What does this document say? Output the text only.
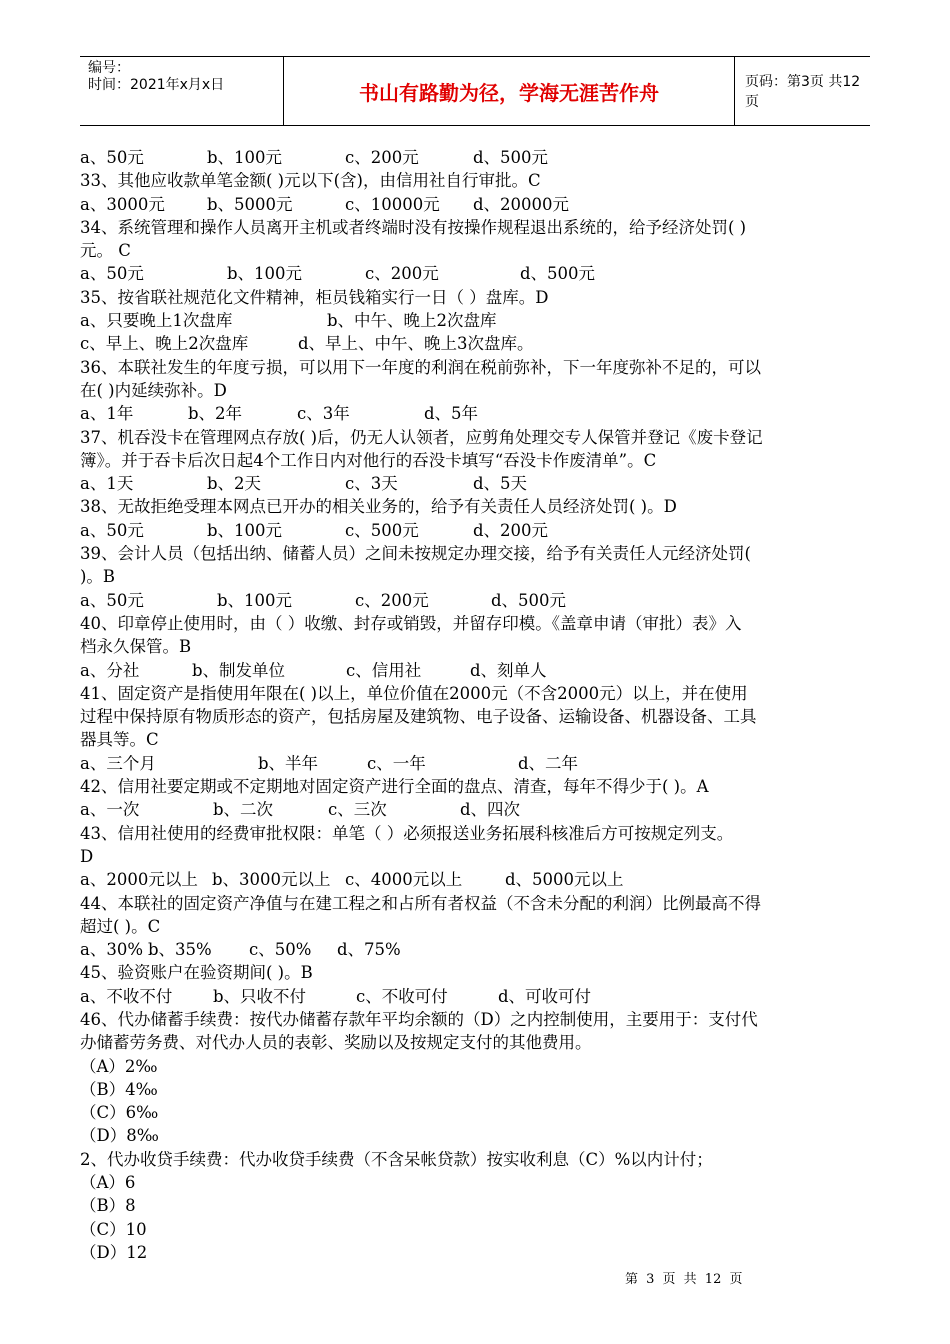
编号：
时间：2021年x月x日	书山有路勤为径，学海无涯苦作舟	页码：第3页 共12页
a、50元	b、100元	c、200元	d、500元
33、其他应收款单笔金额( )元以下(含)，由信用社自行审批。C
a、3000元	b、5000元	c、10000元 d、20000元
34、系统管理和操作人员离开主机或者终端时没有按操作规程退出系统的，给予经济处罚( )
元。 C
a、50元	b、100元	c、200元	d、500元
35、按省联社规范化文件精神，柜员钱箱实行一日（ ）盘库。D
a、只要晚上1次盘库	b、中午、晚上2次盘库
c、早上、晚上2次盘库	d、早上、中午、晚上3次盘库。
36、本联社发生的年度亏损，可以用下一年度的利润在税前弥补，下一年度弥补不足的，可以
在( )内延续弥补。D
a、1年	b、2年	c、3年	d、5年
37、机吞没卡在管理网点存放( )后，仍无人认领者，应剪角处理交专人保管并登记《废卡登记
簿》。并于吞卡后次日起4个工作日内对他行的吞没卡填写“吞没卡作废清单”。C
a、1天	b、2天	c、3天	d、5天
38、无故拒绝受理本网点已开办的相关业务的，给予有关责任人员经济处罚( )。D
a、50元	b、100元	c、500元	d、200元
39、会计人员（包括出纳、储蓄人员）之间未按规定办理交接，给予有关责任人元经济处罚(
)。B
a、50元	b、100元	c、200元	d、500元
40、印章停止使用时，由（ ）收缴、封存或销毁，并留存印模。《盖章申请（审批）表》入
档永久保管。B
a、分社	b、制发单位	c、信用社	d、刻单人
41、固定资产是指使用年限在( )以上，单位价值在2000元（不含2000元）以上，并在使用
过程中保持原有物质形态的资产，包括房屋及建筑物、电子设备、运输设备、机器设备、工具
器具等。C
a、三个月	b、半年	c、一年	d、二年
42、信用社要定期或不定期地对固定资产进行全面的盘点、清查，每年不得少于( )。A
a、一次	b、二次	c、三次	d、四次
43、信用社使用的经费审批权限：单笔（ ）必须报送业务拓展科核准后方可按规定列支。
D
a、2000元以上 b、3000元以上 c、4000元以上	d、5000元以上
44、本联社的固定资产净值与在建工程之和占所有者权益（不含未分配的利润）比例最高不得
超过( )。C
a、30% b、35% c、50% d、75%
45、验资账户在验资期间( )。B
a、不收不付 b、只收不付	c、不收可付	d、可收可付
46、代办储蓄手续费：按代办储蓄存款年平均余额的（D）之内控制使用，主要用于：支付代
办储蓄劳务费、对代办人员的表彰、奖励以及按规定支付的其他费用。
（A）2‰
（B）4‰
（C）6‰
（D）8‰
2、代办收贷手续费：代办收贷手续费（不含呆帐贷款）按实收利息（C）%以内计付；
（A）6
（B）8
（C）10
（D）12
第 3 页 共 12 页
